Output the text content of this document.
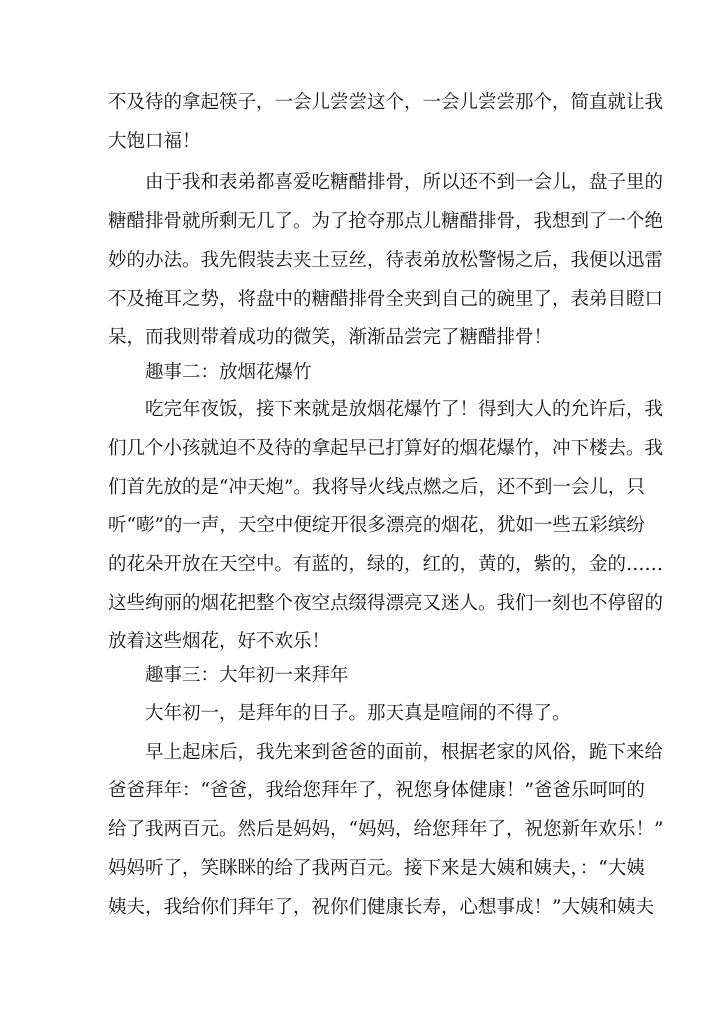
不及待的拿起筷子，一会儿尝尝这个，一会儿尝尝那个，简直就让我
大饱口福！
由于我和表弟都喜爱吃糖醋排骨，所以还不到一会儿，盘子里的
糖醋排骨就所剩无几了。为了抢夺那点儿糖醋排骨，我想到了一个绝
妙的办法。我先假装去夹土豆丝，待表弟放松警惕之后，我便以迅雷
不及掩耳之势，将盘中的糖醋排骨全夹到自己的碗里了，表弟目瞪口
呆，而我则带着成功的微笑，渐渐品尝完了糖醋排骨！
趣事二：放烟花爆竹
吃完年夜饭，接下来就是放烟花爆竹了！得到大人的允许后，我
们几个小孩就迫不及待的拿起早已打算好的烟花爆竹，冲下楼去。我
们首先放的是“冲天炮”。我将导火线点燃之后，还不到一会儿，只
听“嘭”的一声，天空中便绽开很多漂亮的烟花，犹如一些五彩缤纷
的花朵开放在天空中。有蓝的，绿的，红的，黄的，紫的，金的……
这些绚丽的烟花把整个夜空点缀得漂亮又迷人。我们一刻也不停留的
放着这些烟花，好不欢乐！
趣事三：大年初一来拜年
大年初一，是拜年的日子。那天真是喧闹的不得了。
早上起床后，我先来到爸爸的面前，根据老家的风俗，跪下来给
爸爸拜年：“爸爸，我给您拜年了，祝您身体健康！”爸爸乐呵呵的
给了我两百元。然后是妈妈，“妈妈，给您拜年了，祝您新年欢乐！”
妈妈听了，笑眯眯的给了我两百元。接下来是大姨和姨夫，：“大姨
姨夫，我给你们拜年了，祝你们健康长寿，心想事成！”大姨和姨夫
